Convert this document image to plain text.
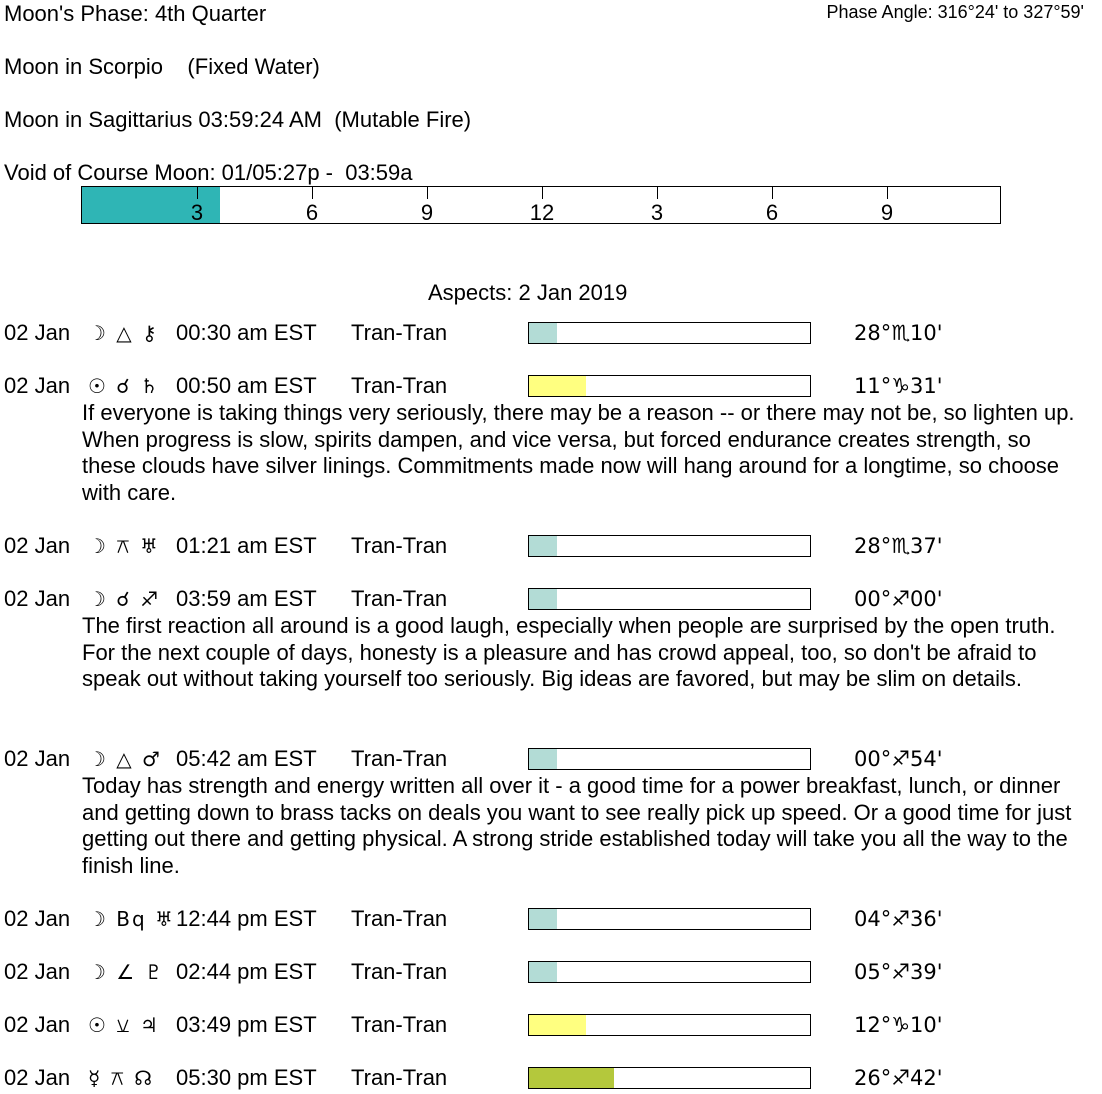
Moon's Phase: 4th Quarter	Phase Angle: 316°24' to 327°59'
Moon in Scorpio    (Fixed Water)
Moon in Sagittarius 03:59:24 AM  (Mutable Fire)
Void of Course Moon: 01/05:27p -  03:59a
3	6	9	12	3	6	9
Aspects: 2 Jan 2019
02 Jan ☽ △ ⚷ 00:30 am EST Tran-Tran	28°♏10'
02 Jan ☉ ☌ ♄ 00:50 am EST Tran-Tran	11°♑31'
If everyone is taking things very seriously, there may be a reason -- or there may not be, so lighten up. When progress is slow, spirits dampen, and vice versa, but forced endurance creates strength, so these clouds have silver linings. Commitments made now will hang around for a longtime, so choose with care.
02 Jan ☽ ⚻ ♅ 01:21 am EST Tran-Tran	28°♏37'
02 Jan ☽ ☌ ♐ 03:59 am EST Tran-Tran	00°♐00'
The first reaction all around is a good laugh, especially when people are surprised by the open truth. For the next couple of days, honesty is a pleasure and has crowd appeal, too, so don't be afraid to speak out without taking yourself too seriously. Big ideas are favored, but may be slim on details.
02 Jan ☽ △ ♂ 05:42 am EST Tran-Tran	00°♐54'
Today has strength and energy written all over it - a good time for a power breakfast, lunch, or dinner and getting down to brass tacks on deals you want to see really pick up speed. Or a good time for just getting out there and getting physical. A strong stride established today will take you all the way to the finish line.
02 Jan ☽ Bq ♅ 12:44 pm EST Tran-Tran	04°♐36'
02 Jan ☽ ∠ ♇ 02:44 pm EST Tran-Tran	05°♐39'
02 Jan ☉ ⚺ ♃ 03:49 pm EST Tran-Tran	12°♑10'
02 Jan ☿ ⚻ ☊ 05:30 pm EST Tran-Tran	26°♐42'
